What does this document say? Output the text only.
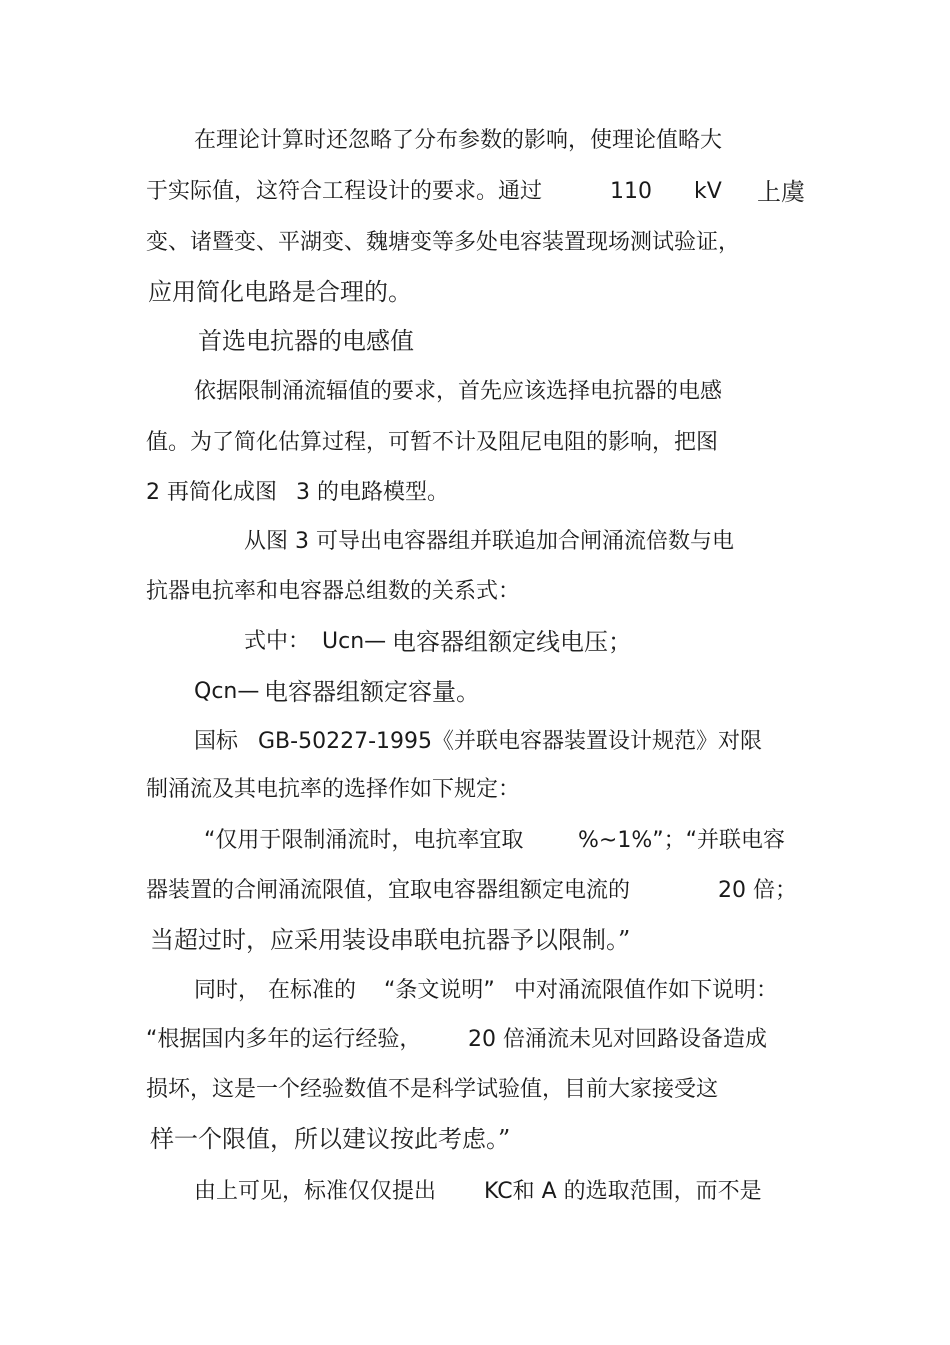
在理论计算时还忽略了分布参数的影响，使理论值略大
于实际值，这符合工程设计的要求。通过	110 kV 上虞
变、诸暨变、平湖变、魏塘变等多处电容装置现场测试验证，
应用简化电路是合理的。
首选电抗器的电感值
依据限制涌流辐值的要求，首先应该选择电抗器的电感
值。为了简化估算过程，可暂不计及阻尼电阻的影响，把图
2 再简化成图 3 的电路模型。
从图 3 可导出电容器组并联追加合闸涌流倍数与电
抗器电抗率和电容器总组数的关系式：
式中： Ucn— 电容器组额定线电压；
Qcn— 电容器组额定容量。
国标 GB-50227-1995《并联电容器装置设计规范》对限
制涌流及其电抗率的选择作如下规定：
“仅用于限制涌流时，电抗率宜取 %~1%”；“并联电容
器装置的合闸涌流限值，宜取电容器组额定电流的	20 倍；
当超过时，应采用装设串联电抗器予以限制。”
同时， 在标准的 “条文说明” 中对涌流限值作如下说明：
“根据国内多年的运行经验， 20 倍涌流未见对回路设备造成
损坏，这是一个经验数值不是科学试验值，目前大家接受这
样一个限值，所以建议按此考虑。”
由上可见，标准仅仅提出 KC和 A 的选取范围，而不是
